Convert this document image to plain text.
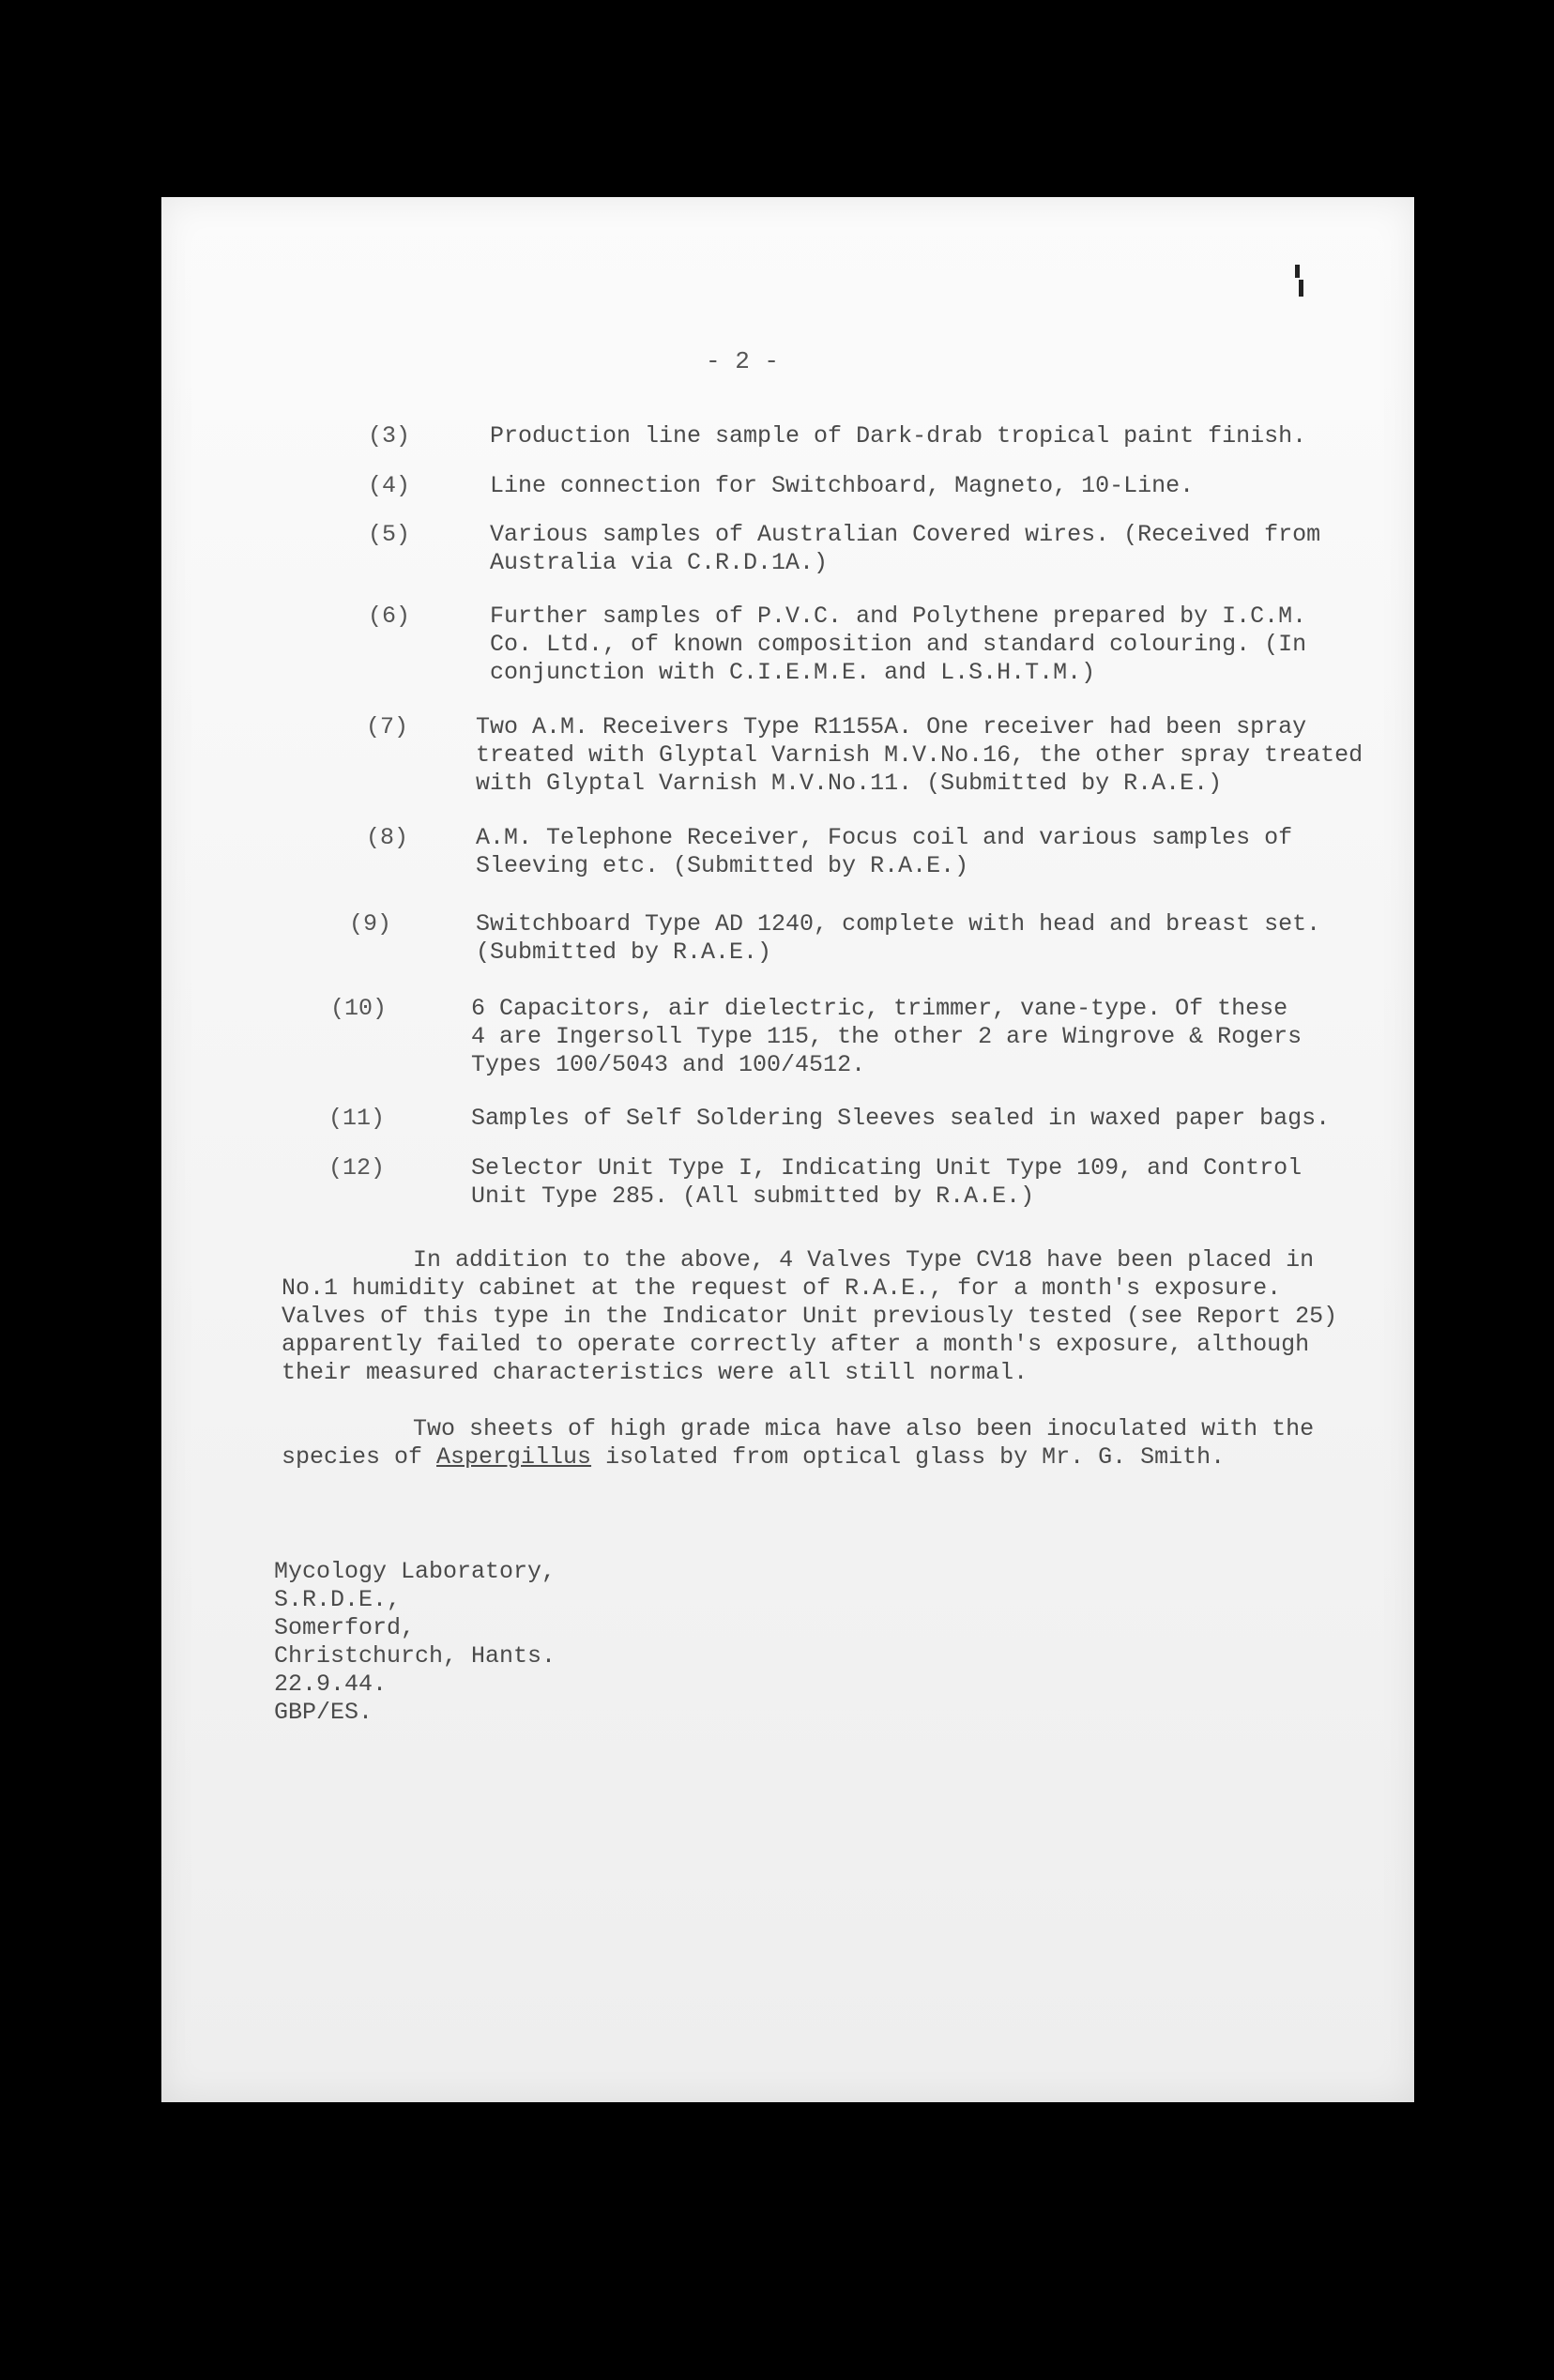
- 2 -
(3)	Production line sample of Dark-drab tropical paint finish.
(4)	Line connection for Switchboard, Magneto, 10-Line.
(5)	Various samples of Australian Covered wires. (Received from
Australia via C.R.D.1A.)
(6)	Further samples of P.V.C. and Polythene prepared by I.C.M.
Co. Ltd., of known composition and standard colouring. (In
conjunction with C.I.E.M.E. and L.S.H.T.M.)
(7)	Two A.M. Receivers Type R1155A. One receiver had been spray
treated with Glyptal Varnish M.V.No.16, the other spray treated
with Glyptal Varnish M.V.No.11. (Submitted by R.A.E.)
(8)	A.M. Telephone Receiver, Focus coil and various samples of
Sleeving etc. (Submitted by R.A.E.)
(9)	Switchboard Type AD 1240, complete with head and breast set.
(Submitted by R.A.E.)
(10)	6 Capacitors, air dielectric, trimmer, vane-type. Of these
4 are Ingersoll Type 115, the other 2 are Wingrove & Rogers
Types 100/5043 and 100/4512.
(11)	Samples of Self Soldering Sleeves sealed in waxed paper bags.
(12)	Selector Unit Type I, Indicating Unit Type 109, and Control
Unit Type 285. (All submitted by R.A.E.)
In addition to the above, 4 Valves Type CV18 have been placed in
No.1 humidity cabinet at the request of R.A.E., for a month's exposure.
Valves of this type in the Indicator Unit previously tested (see Report 25)
apparently failed to operate correctly after a month's exposure, although
their measured characteristics were all still normal.
Two sheets of high grade mica have also been inoculated with the
species of Aspergillus isolated from optical glass by Mr. G. Smith.
Mycology Laboratory,
S.R.D.E.,
Somerford,
Christchurch, Hants.
22.9.44.
GBP/ES.
